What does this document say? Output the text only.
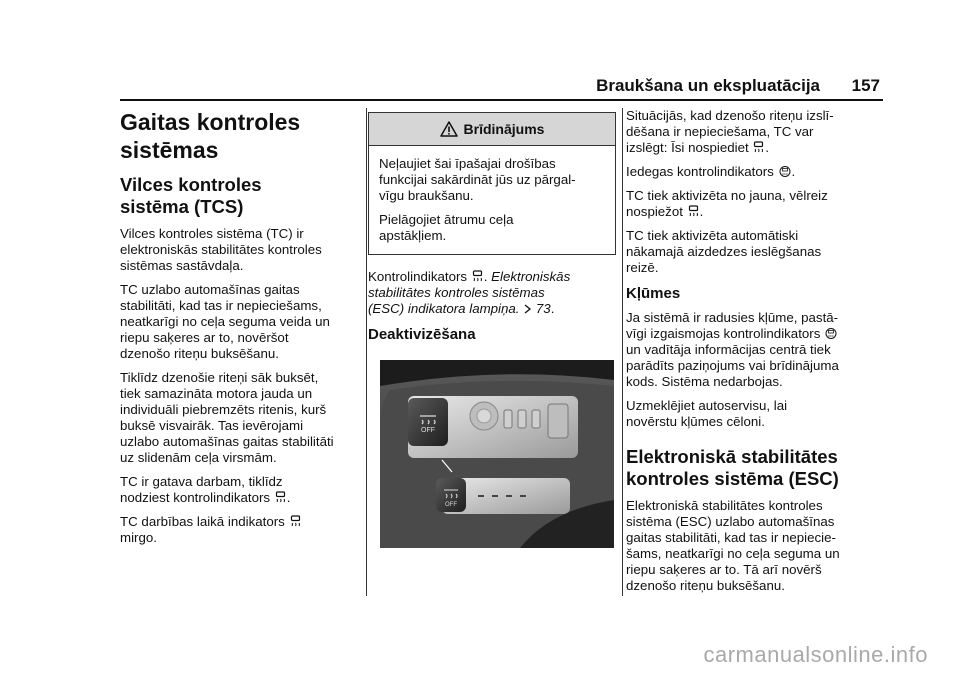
Braukšana un ekspluatācija	157
Gaitas kontroles
sistēmas
Vilces kontroles
sistēma (TCS)

Vilces kontroles sistēma (TC) ir
elektroniskās stabilitātes kontroles
sistēmas sastāvdaļa.

TC uzlabo automašīnas gaitas
stabilitāti, kad tas ir nepieciešams,
neatkarīgi no ceļa seguma veida un
riepu saķeres ar to, novēršot
dzenošo riteņu buksēšanu.

Tiklīdz dzenošie riteņi sāk buksēt,
tiek samazināta motora jauda un
individuāli piebremzēts ritenis, kurš
buksē visvairāk. Tas ievērojami
uzlabo automašīnas gaitas stabilitāti
uz slidenām ceļa virsmām.

TC ir gatava darbam, tiklīdz
nodziest kontrolindikators .

TC darbības laikā indikators
mirgo.

Brīdinājums

Neļaujiet šai īpašajai drošības
funkcijai sakārdināt jūs uz pārgal-
vīgu braukšanu.

Pielāgojiet ātrumu ceļa
apstākļiem.

Kontrolindikators . Elektroniskās
stabilitātes kontroles sistēmas
(ESC) indikatora lampiņa. 73.

Deaktivizēšana
OFF
OFF

Situācijās, kad dzenošo riteņu izslī-
dēšana ir nepieciešama, TC var
izslēgt: Īsi nospiediet .

Iedegas kontrolindikators	OFF .

TC tiek aktivizēta no jauna, vēlreiz
nospiežot .

TC tiek aktivizēta automātiski
nākamajā aizdedzes ieslēgšanas
reizē.

Kļūmes

Ja sistēmā ir radusies kļūme, pastā-
vīgi izgaismojas kontrolindikators	OFF

un vadītāja informācijas centrā tiek
parādīts paziņojums vai brīdinājuma
kods. Sistēma nedarbojas.

Uzmeklējiet autoservisu, lai
novērstu kļūmes cēloni.

Elektroniskā stabilitātes
kontroles sistēma (ESC)

Elektroniskā stabilitātes kontroles
sistēma (ESC) uzlabo automašīnas
gaitas stabilitāti, kad tas ir nepiecie-
šams, neatkarīgi no ceļa seguma un
riepu saķeres ar to. Tā arī novērš
dzenošo riteņu buksēšanu.

carmanualsonline.info
